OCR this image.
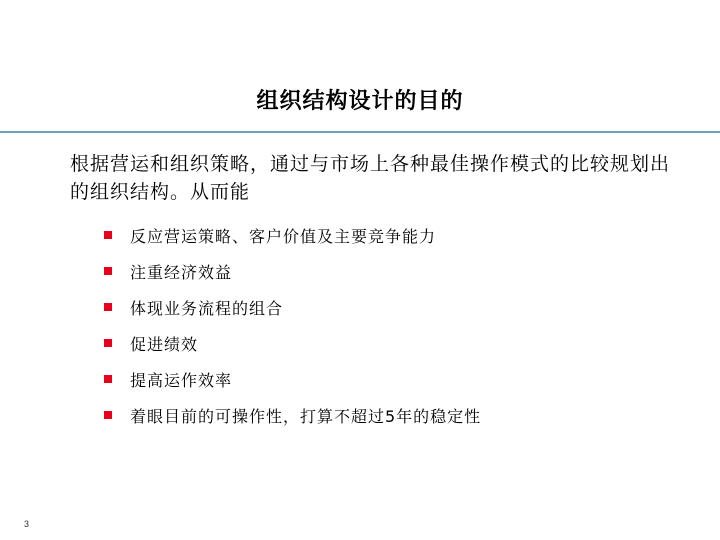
组织结构设计的目的
根据营运和组织策略，通过与市场上各种最佳操作模式的比较规划出的组织结构。从而能
反应营运策略、客户价值及主要竞争能力
注重经济效益
体现业务流程的组合
促进绩效
提高运作效率
着眼目前的可操作性，打算不超过5年的稳定性
3
